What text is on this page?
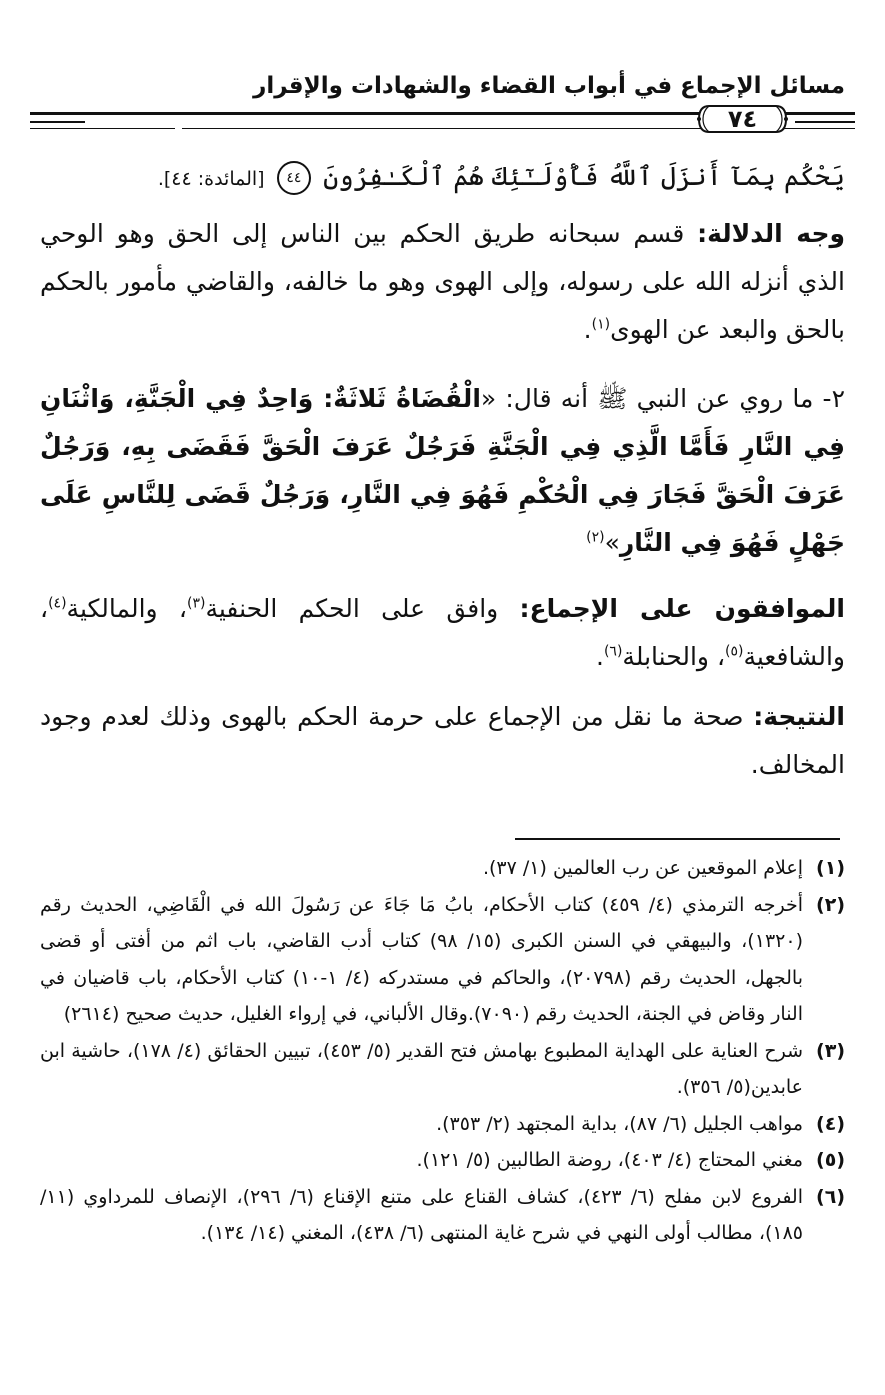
مسائل الإجماع في أبواب القضاء والشهادات والإقرار
٧٤
يَحْكُم بِمَآ أَنزَلَ ٱللَّهُ فَأُوْلَـٰٓئِكَ هُمُ ٱلْكَـٰفِرُونَ ٤٤ [المائدة: ٤٤].
وجه الدلالة: قسم سبحانه طريق الحكم بين الناس إلى الحق وهو الوحي الذي أنزله الله على رسوله، وإلى الهوى وهو ما خالفه، والقاضي مأمور بالحكم بالحق والبعد عن الهوى$^{(١)}$.
٢- ما روي عن النبي ﷺ أنه قال: «الْقُضَاةُ ثَلاثَةٌ: وَاحِدٌ فِي الْجَنَّةِ، وَاثْنَانِ فِي النَّارِ فَأَمَّا الَّذِي فِي الْجَنَّةِ فَرَجُلٌ عَرَفَ الْحَقَّ فَقَضَى بِهِ، وَرَجُلٌ عَرَفَ الْحَقَّ فَجَارَ فِي الْحُكْمِ فَهُوَ فِي النَّارِ، وَرَجُلٌ قَضَى لِلنَّاسِ عَلَى جَهْلٍ فَهُوَ فِي النَّارِ»$^{(٢)}$
الموافقون على الإجماع: وافق على الحكم الحنفية$^{(٣)}$، والمالكية$^{(٤)}$، والشافعية$^{(٥)}$، والحنابلة$^{(٦)}$.
النتيجة: صحة ما نقل من الإجماع على حرمة الحكم بالهوى وذلك لعدم وجود المخالف.
(١)
إعلام الموقعين عن رب العالمين (١/ ٣٧).
(٢)
أخرجه الترمذي (٤/ ٤٥٩) كتاب الأحكام، بابُ مَا جَاءَ عن رَسُولَ الله في الْقَاضِي، الحديث رقم (١٣٢٠)، والبيهقي في السنن الكبرى (١٥/ ٩٨) كتاب أدب القاضي، باب اثم من أفتى أو قضى بالجهل، الحديث رقم (٢٠٧٩٨)، والحاكم في مستدركه (٤/ ١-١٠) كتاب الأحكام، باب قاضيان في النار وقاض في الجنة، الحديث رقم (٧٠٩٠).وقال الألباني، في إرواء الغليل، حديث صحيح (٢٦١٤)
(٣)
شرح العناية على الهداية المطبوع بهامش فتح القدير (٥/ ٤٥٣)، تبيين الحقائق (٤/ ١٧٨)، حاشية ابن عابدين(٥/ ٣٥٦).
(٤)
مواهب الجليل (٦/ ٨٧)، بداية المجتهد (٢/ ٣٥٣).
(٥)
مغني المحتاج (٤/ ٤٠٣)، روضة الطالبين (٥/ ١٢١).
(٦)
الفروع لابن مفلح (٦/ ٤٢٣)، كشاف القناع على متنع الإقناع (٦/ ٢٩٦)، الإنصاف للمرداوي (١١/ ١٨٥)، مطالب أولى النهي في شرح غاية المنتهى (٦/ ٤٣٨)، المغني (١٤/ ١٣٤).
